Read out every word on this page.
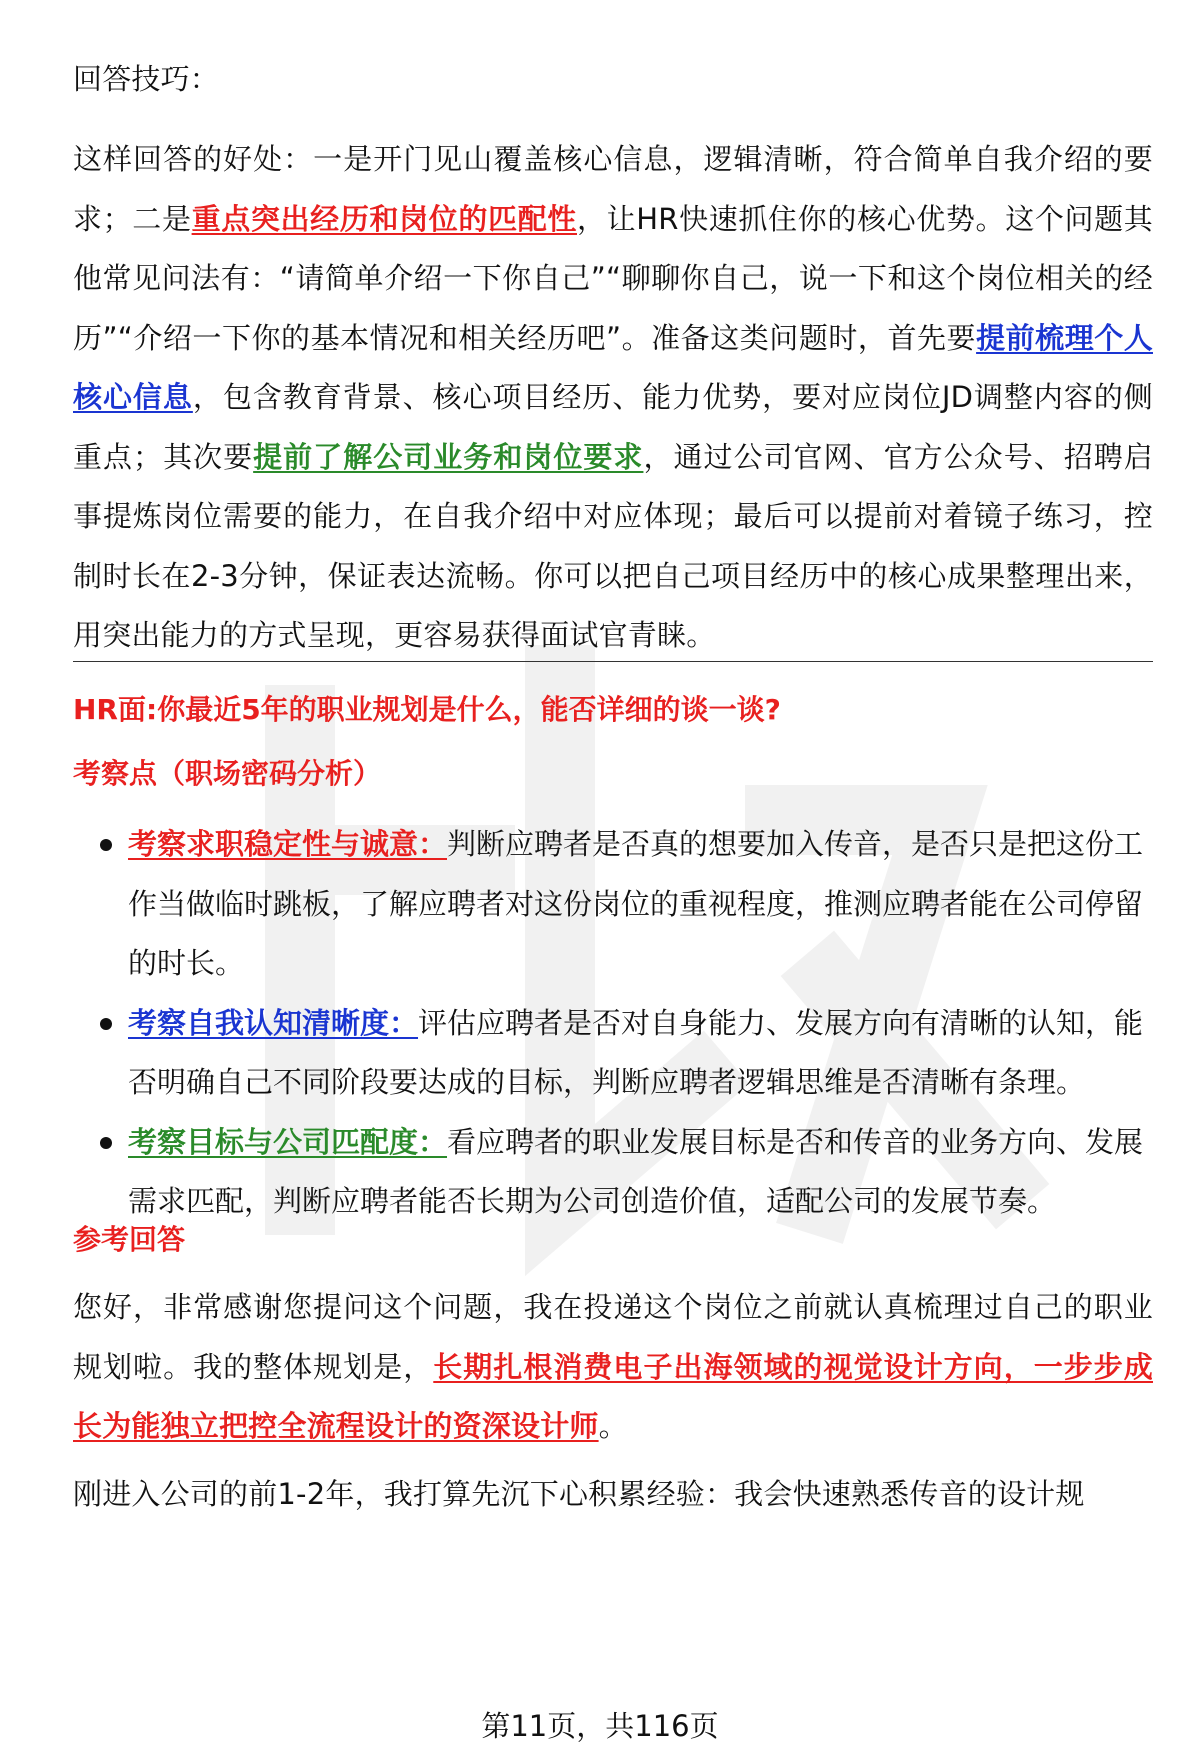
回答技巧：

这样回答的好处：一是开门见山覆盖核心信息，逻辑清晰，符合简单自我介绍的要求；二是重点突出经历和岗位的匹配性，让HR快速抓住你的核心优势。这个问题其他常见问法有：“请简单介绍一下你自己”“聊聊你自己，说一下和这个岗位相关的经历”“介绍一下你的基本情况和相关经历吧”。准备这类问题时，首先要提前梳理个人核心信息，包含教育背景、核心项目经历、能力优势，要对应岗位JD调整内容的侧重点；其次要提前了解公司业务和岗位要求，通过公司官网、官方公众号、招聘启事提炼岗位需要的能力，在自我介绍中对应体现；最后可以提前对着镜子练习，控制时长在2-3分钟，保证表达流畅。你可以把自己项目经历中的核心成果整理出来，用突出能力的方式呈现，更容易获得面试官青睐。

HR面:你最近5年的职业规划是什么，能否详细的谈一谈?

考察点（职场密码分析）

考察求职稳定性与诚意：判断应聘者是否真的想要加入传音，是否只是把这份工作当做临时跳板，了解应聘者对这份岗位的重视程度，推测应聘者能在公司停留的时长。
考察自我认知清晰度：评估应聘者是否对自身能力、发展方向有清晰的认知，能否明确自己不同阶段要达成的目标，判断应聘者逻辑思维是否清晰有条理。
考察目标与公司匹配度：看应聘者的职业发展目标是否和传音的业务方向、发展需求匹配，判断应聘者能否长期为公司创造价值，适配公司的发展节奏。

参考回答

您好，非常感谢您提问这个问题，我在投递这个岗位之前就认真梳理过自己的职业规划啦。我的整体规划是，长期扎根消费电子出海领域的视觉设计方向，一步步成长为能独立把控全流程设计的资深设计师。

刚进入公司的前1-2年，我打算先沉下心积累经验：我会快速熟悉传音的设计规

第11页，共116页
